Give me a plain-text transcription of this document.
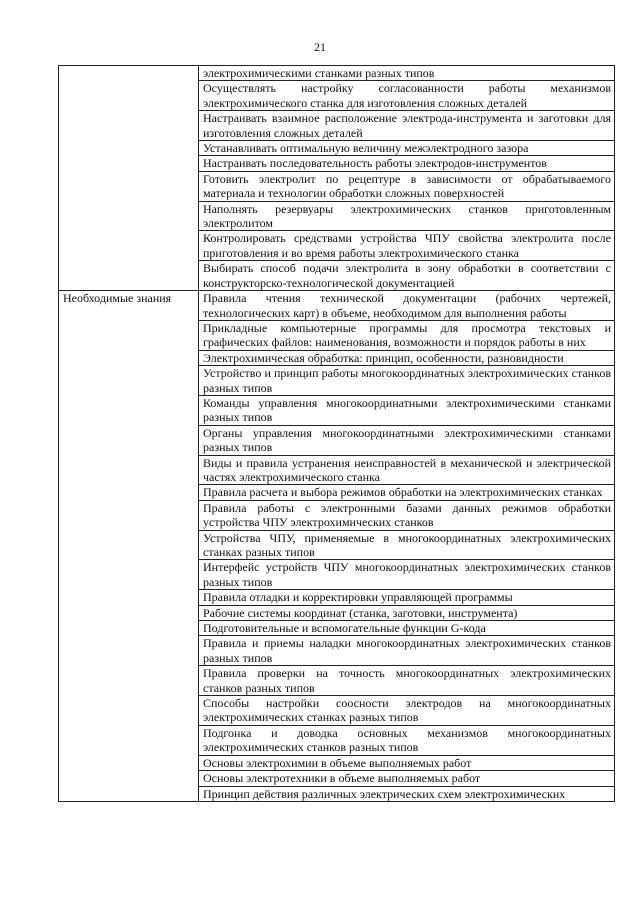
21
	электрохимическими станками разных типов
	Осуществлять настройку согласованности работы механизмов электрохимического станка для изготовления сложных деталей
	Настраивать взаимное расположение электрода-инструмента и заготовки для изготовления сложных деталей
	Устанавливать оптимальную величину межэлектродного зазора
	Настраивать последовательность работы электродов-инструментов
	Готовить электролит по рецептуре в зависимости от обрабатываемого материала и технологии обработки сложных поверхностей
	Наполнять резервуары электрохимических станков приготовленным электролитом
	Контролировать средствами устройства ЧПУ свойства электролита после приготовления и во время работы электрохимического станка
	Выбирать способ подачи электролита в зону обработки в соответствии с конструкторско-технологической документацией
Необходимые знания	Правила чтения технической документации (рабочих чертежей, технологических карт) в объеме, необходимом для выполнения работы
	Прикладные компьютерные программы для просмотра текстовых и графических файлов: наименования, возможности и порядок работы в них
	Электрохимическая обработка: принцип, особенности, разновидности
	Устройство и принцип работы многокоординатных электрохимических станков разных типов
	Команды управления многокоординатными электрохимическими станками разных типов
	Органы управления многокоординатными электрохимическими станками разных типов
	Виды и правила устранения неисправностей в механической и электрической частях электрохимического станка
	Правила расчета и выбора режимов обработки на электрохимических станках
	Правила работы с электронными базами данных режимов обработки устройства ЧПУ электрохимических станков
	Устройства ЧПУ, применяемые в многокоординатных электрохимических станках разных типов
	Интерфейс устройств ЧПУ многокоординатных электрохимических станков разных типов
	Правила отладки и корректировки управляющей программы
	Рабочие системы координат (станка, заготовки, инструмента)
	Подготовительные и вспомогательные функции G-кода
	Правила и приемы наладки многокоординатных электрохимических станков разных типов
	Правила проверки на точность многокоординатных электрохимических станков разных типов
	Способы настройки соосности электродов на многокоординатных электрохимических станках разных типов
	Подгонка и доводка основных механизмов многокоординатных электрохимических станков разных типов
	Основы электрохимии в объеме выполняемых работ
	Основы электротехники в объеме выполняемых работ
	Принцип действия различных электрических схем электрохимических
